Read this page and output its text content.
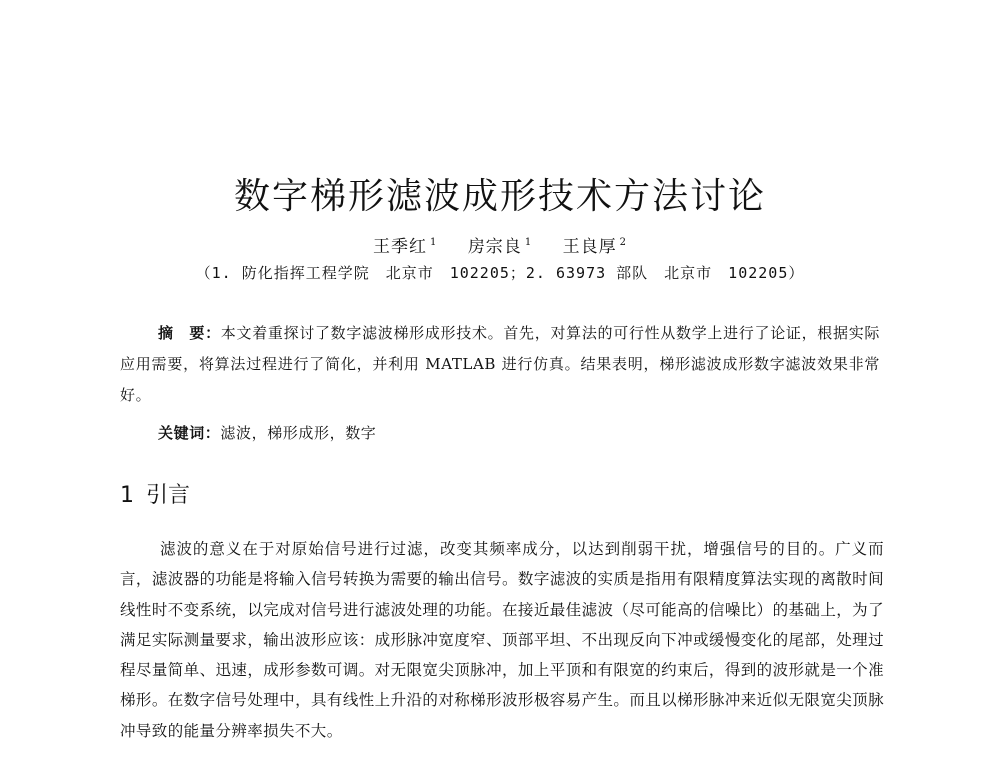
数字梯形滤波成形技术方法讨论
王季红 $^1$ 房宗良 $^1$ 王良厚 $^2$
（1. 防化指挥工程学院　北京市　102205；2. 63973 部队　北京市　102205）
摘　要：本文着重探讨了数字滤波梯形成形技术。首先，对算法的可行性从数学上进行了论证，根据实际应用需要，将算法过程进行了简化，并利用 MATLAB 进行仿真。结果表明，梯形滤波成形数字滤波效果非常好。
关键词：滤波，梯形成形，数字
1 引言
滤波的意义在于对原始信号进行过滤，改变其频率成分，以达到削弱干扰，增强信号的目的。广义而言，滤波器的功能是将输入信号转换为需要的输出信号。数字滤波的实质是指用有限精度算法实现的离散时间线性时不变系统，以完成对信号进行滤波处理的功能。在接近最佳滤波（尽可能高的信噪比）的基础上，为了满足实际测量要求，输出波形应该：成形脉冲宽度窄、顶部平坦、不出现反向下冲或缓慢变化的尾部，处理过程尽量简单、迅速，成形参数可调。对无限宽尖顶脉冲，加上平顶和有限宽的约束后，得到的波形就是一个准梯形。在数字信号处理中，具有线性上升沿的对称梯形波形极容易产生。而且以梯形脉冲来近似无限宽尖顶脉冲导致的能量分辨率损失不大。
